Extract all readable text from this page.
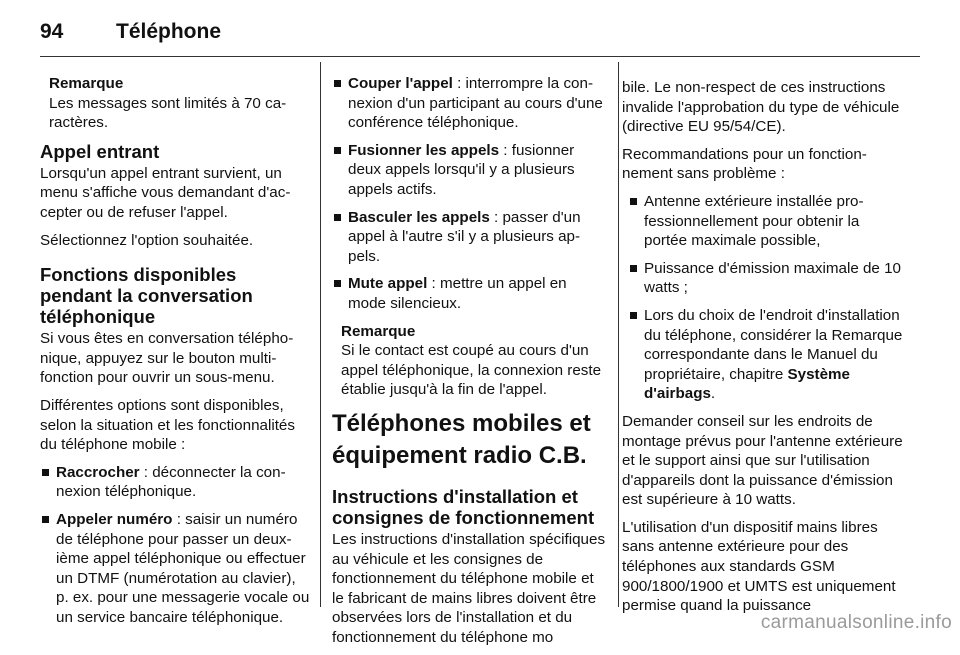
94	Téléphone
Remarque
Les messages sont limités à 70 caractères.
Appel entrant

Lorsqu'un appel entrant survient, un menu s'affiche vous demandant d'accepter ou de refuser l'appel.

Sélectionnez l'option souhaitée.

Fonctions disponibles pendant la conversation téléphonique

Si vous êtes en conversation téléphonique, appuyez sur le bouton multifonction pour ouvrir un sous-menu.

Différentes options sont disponibles, selon la situation et les fonctionnalités du téléphone mobile :

Raccrocher : déconnecter la connexion téléphonique.
Appeler numéro : saisir un numéro de téléphone pour passer un deuxième appel téléphonique ou effectuer un DTMF (numérotation au clavier), p. ex. pour une messagerie vocale ou un service bancaire téléphonique.
Couper l'appel : interrompre la connexion d'un participant au cours d'une conférence téléphonique.
Fusionner les appels : fusionner deux appels lorsqu'il y a plusieurs appels actifs.
Basculer les appels : passer d'un appel à l'autre s'il y a plusieurs appels.
Mute appel : mettre un appel en mode silencieux.
Remarque
Si le contact est coupé au cours d'un appel téléphonique, la connexion reste établie jusqu'à la fin de l'appel.
Téléphones mobiles et équipement radio C.B.
Instructions d'installation et consignes de fonctionnement

Les instructions d'installation spécifiques au véhicule et les consignes de fonctionnement du téléphone mobile et le fabricant de mains libres doivent être observées lors de l'installation et du fonctionnement du téléphone mo

bile. Le non-respect de ces instructions invalide l'approbation du type de véhicule (directive EU 95/54/CE).

Recommandations pour un fonctionnement sans problème :

Antenne extérieure installée professionnellement pour obtenir la portée maximale possible,
Puissance d'émission maximale de 10 watts ;
Lors du choix de l'endroit d'installation du téléphone, considérer la Remarque correspondante dans le Manuel du propriétaire, chapitre Système d'airbags.

Demander conseil sur les endroits de montage prévus pour l'antenne extérieure et le support ainsi que sur l'utilisation d'appareils dont la puissance d'émission est supérieure à 10 watts.

L'utilisation d'un dispositif mains libres sans antenne extérieure pour des téléphones aux standards GSM 900/1800/1900 et UMTS est uniquement permise quand la puissance

carmanualsonline.info
